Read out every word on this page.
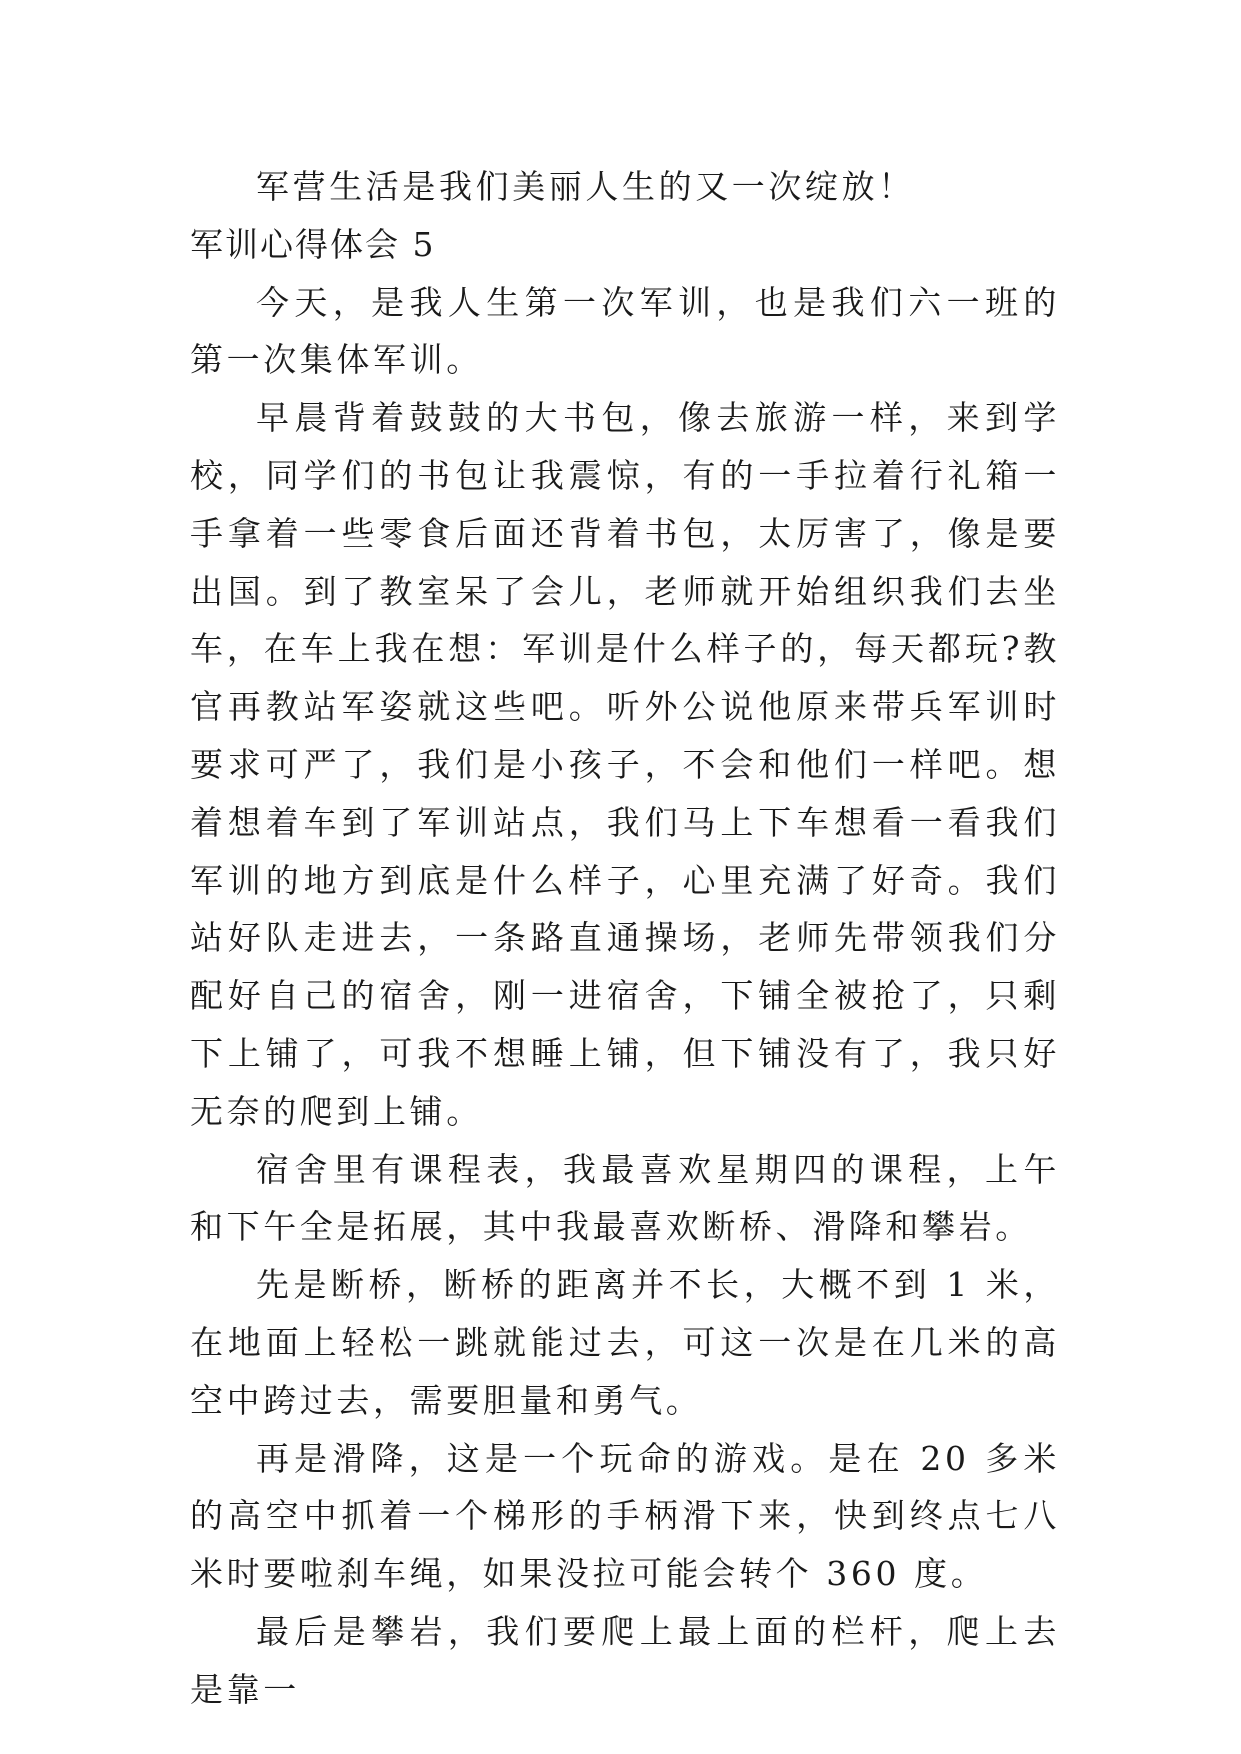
军营生活是我们美丽人生的又一次绽放！

军训心得体会 5

今天，是我人生第一次军训，也是我们六一班的第一次集体军训。

早晨背着鼓鼓的大书包，像去旅游一样，来到学校，同学们的书包让我震惊，有的一手拉着行礼箱一手拿着一些零食后面还背着书包，太厉害了，像是要出国。到了教室呆了会儿，老师就开始组织我们去坐车，在车上我在想：军训是什么样子的，每天都玩?教官再教站军姿就这些吧。听外公说他原来带兵军训时要求可严了，我们是小孩子，不会和他们一样吧。想着想着车到了军训站点，我们马上下车想看一看我们军训的地方到底是什么样子，心里充满了好奇。我们站好队走进去，一条路直通操场，老师先带领我们分配好自己的宿舍，刚一进宿舍，下铺全被抢了，只剩下上铺了，可我不想睡上铺，但下铺没有了，我只好无奈的爬到上铺。

宿舍里有课程表，我最喜欢星期四的课程，上午和下午全是拓展，其中我最喜欢断桥、滑降和攀岩。

先是断桥，断桥的距离并不长，大概不到 1 米，在地面上轻松一跳就能过去，可这一次是在几米的高空中跨过去，需要胆量和勇气。

再是滑降，这是一个玩命的游戏。是在 20 多米的高空中抓着一个梯形的手柄滑下来，快到终点七八米时要啦刹车绳，如果没拉可能会转个 360 度。

最后是攀岩，我们要爬上最上面的栏杆，爬上去是靠一
